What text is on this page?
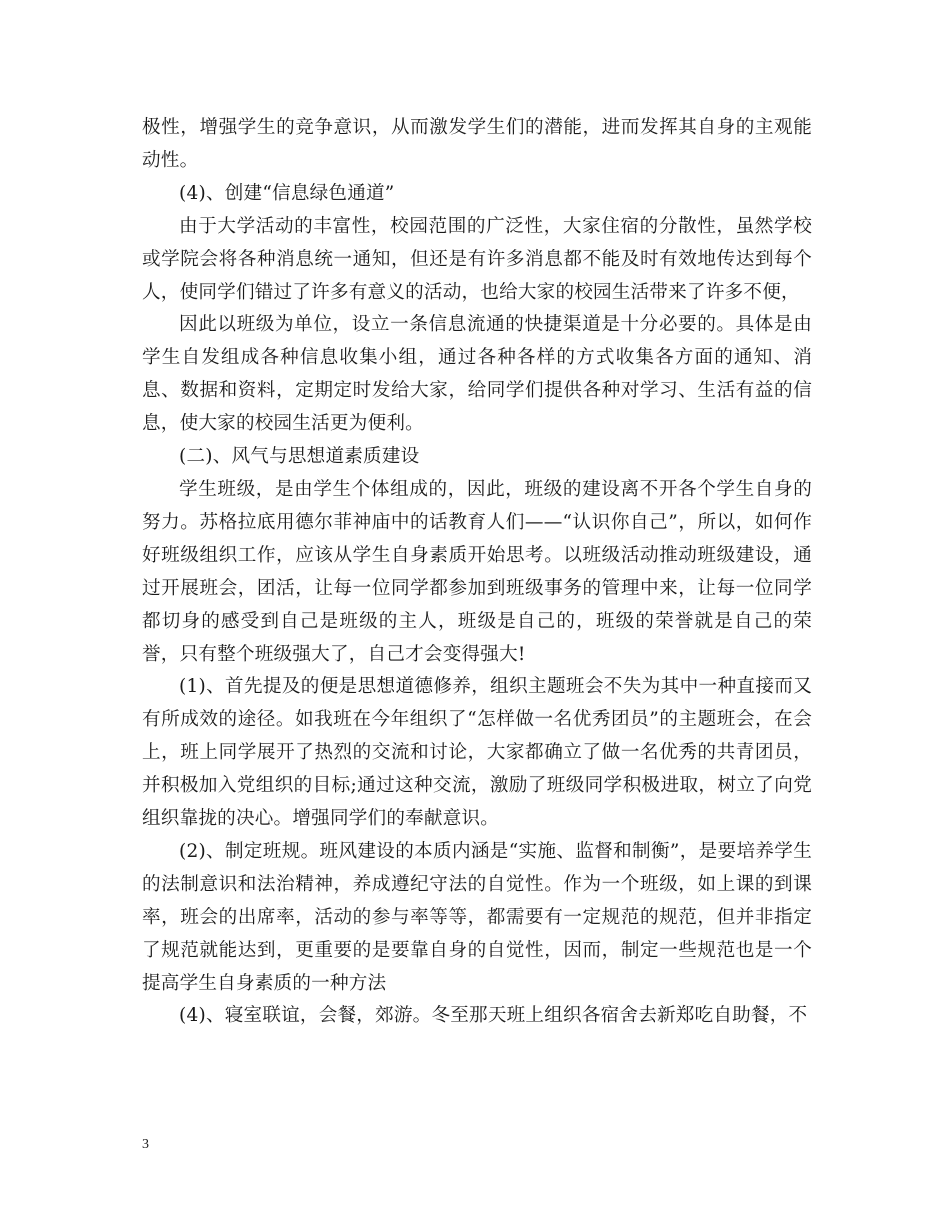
极性，增强学生的竞争意识，从而激发学生们的潜能，进而发挥其自身的主观能动性。

(4)、创建“信息绿色通道”

由于大学活动的丰富性，校园范围的广泛性，大家住宿的分散性，虽然学校或学院会将各种消息统一通知，但还是有许多消息都不能及时有效地传达到每个人，使同学们错过了许多有意义的活动，也给大家的校园生活带来了许多不便，

因此以班级为单位，设立一条信息流通的快捷渠道是十分必要的。具体是由学生自发组成各种信息收集小组，通过各种各样的方式收集各方面的通知、消息、数据和资料，定期定时发给大家，给同学们提供各种对学习、生活有益的信息，使大家的校园生活更为便利。

(二)、风气与思想道素质建设

学生班级，是由学生个体组成的，因此，班级的建设离不开各个学生自身的努力。苏格拉底用德尔菲神庙中的话教育人们——“认识你自己”，所以，如何作好班级组织工作，应该从学生自身素质开始思考。以班级活动推动班级建设，通过开展班会，团活，让每一位同学都参加到班级事务的管理中来，让每一位同学都切身的感受到自己是班级的主人，班级是自己的，班级的荣誉就是自己的荣誉，只有整个班级强大了，自己才会变得强大!

(1)、首先提及的便是思想道德修养，组织主题班会不失为其中一种直接而又有所成效的途径。如我班在今年组织了“怎样做一名优秀团员”的主题班会，在会上，班上同学展开了热烈的交流和讨论，大家都确立了做一名优秀的共青团员，并积极加入党组织的目标;通过这种交流，激励了班级同学积极进取，树立了向党组织靠拢的决心。增强同学们的奉献意识。

(2)、制定班规。班风建设的本质内涵是“实施、监督和制衡”，是要培养学生的法制意识和法治精神，养成遵纪守法的自觉性。作为一个班级，如上课的到课率，班会的出席率，活动的参与率等等，都需要有一定规范的规范，但并非指定了规范就能达到，更重要的是要靠自身的自觉性，因而，制定一些规范也是一个提高学生自身素质的一种方法

(4)、寝室联谊，会餐，郊游。冬至那天班上组织各宿舍去新郑吃自助餐，不

3
